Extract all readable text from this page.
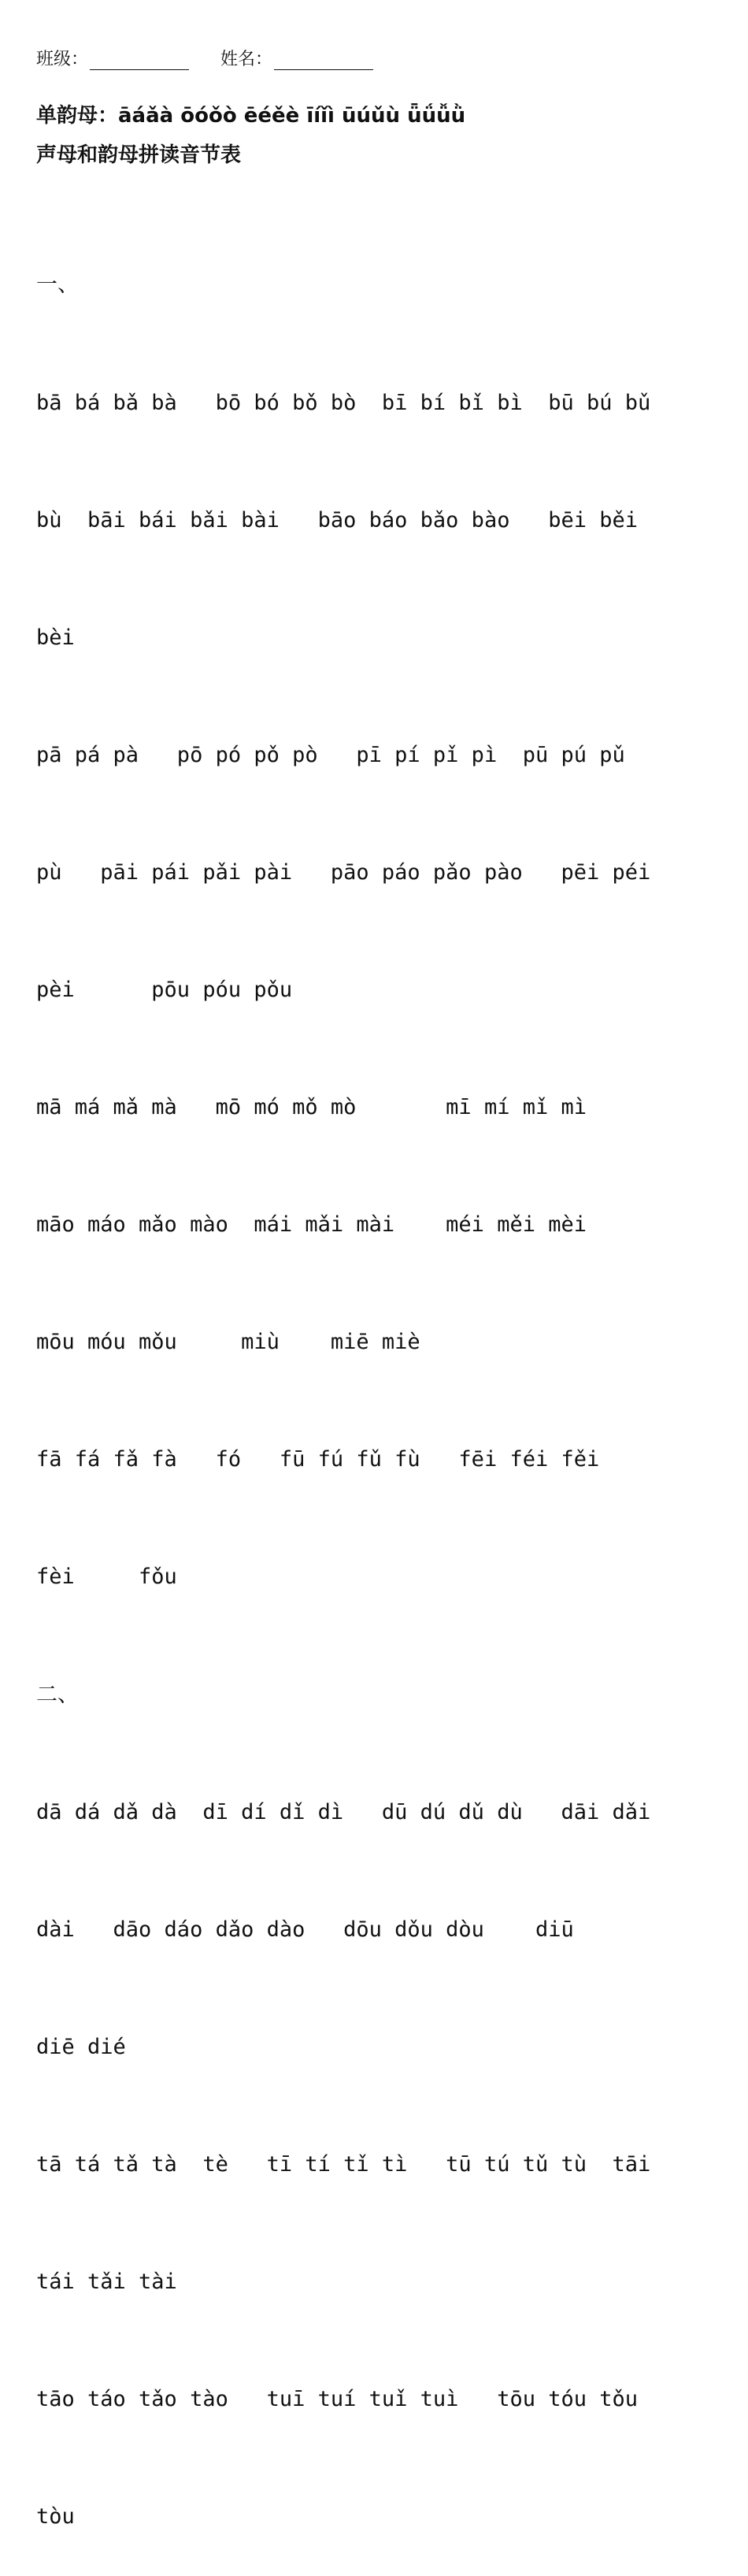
班级：	姓名：
单韵母：āáǎà ōóǒò ēéěè īíǐì ūúǔù ǖǘǚǜ
声母和韵母拼读音节表

一、

bā bá bǎ bà   bō bó bǒ bò  bī bí bǐ bì  bū bú bǔ

bù  bāi bái bǎi bài   bāo báo bǎo bào   bēi běi

bèi

pā pá pà   pō pó pǒ pò   pī pí pǐ pì  pū pú pǔ

pù   pāi pái pǎi pài   pāo páo pǎo pào   pēi péi

pèi      pōu póu pǒu

mā má mǎ mà   mō mó mǒ mò       mī mí mǐ mì

māo máo mǎo mào  mái mǎi mài    méi měi mèi

mōu móu mǒu     miù    miē miè

fā fá fǎ fà   fó   fū fú fǔ fù   fēi féi fěi

fèi     fǒu

二、

dā dá dǎ dà  dī dí dǐ dì   dū dú dǔ dù   dāi dǎi

dài   dāo dáo dǎo dào   dōu dǒu dòu    diū

diē dié

tā tá tǎ tà  tè   tī tí tǐ tì   tū tú tǔ tù  tāi

tái tǎi tài

tāo táo tǎo tào   tuī tuí tuǐ tuì   tōu tóu tǒu

tòu
